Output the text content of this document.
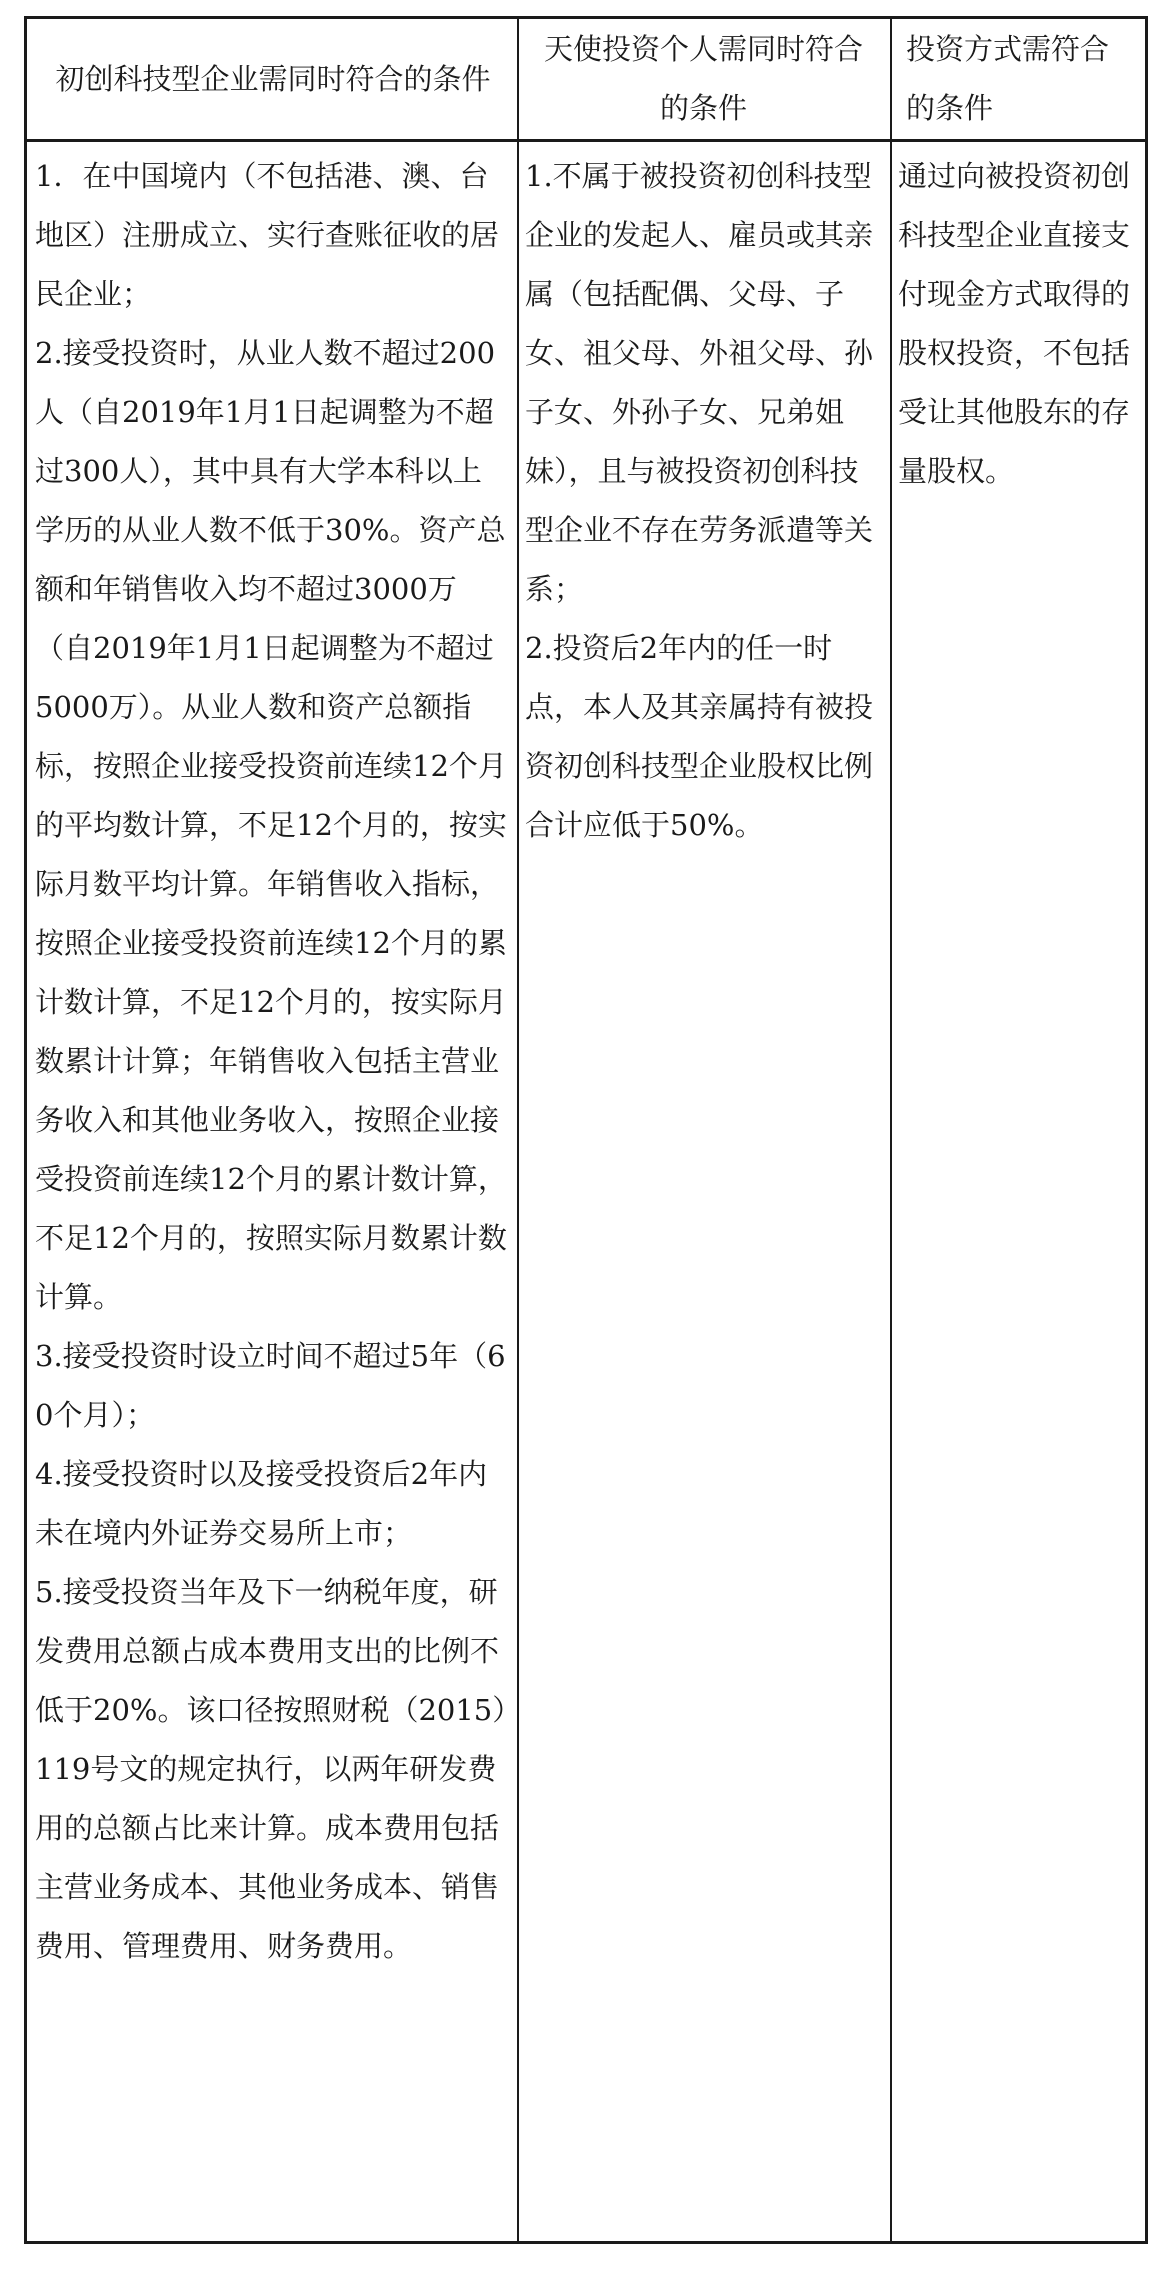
初创科技型企业需同时符合的条件
天使投资个人需同时符合的条件
投资方式需符合的条件

1．在中国境内（不包括港、澳、台地区）注册成立、实行查账征收的居民企业；

2.接受投资时，从业人数不超过200人（自2019年1月1日起调整为不超过300人），其中具有大学本科以上学历的从业人数不低于30%。资产总额和年销售收入均不超过3000万（自2019年1月1日起调整为不超过5000万）。从业人数和资产总额指标，按照企业接受投资前连续12个月的平均数计算，不足12个月的，按实际月数平均计算。年销售收入指标，按照企业接受投资前连续12个月的累计数计算，不足12个月的，按实际月数累计计算；年销售收入包括主营业务收入和其他业务收入，按照企业接受投资前连续12个月的累计数计算，不足12个月的，按照实际月数累计数计算。

3.接受投资时设立时间不超过5年（60个月）；

4.接受投资时以及接受投资后2年内未在境内外证券交易所上市；

5.接受投资当年及下一纳税年度，研发费用总额占成本费用支出的比例不低于20%。该口径按照财税（2015）119号文的规定执行，以两年研发费用的总额占比来计算。成本费用包括主营业务成本、其他业务成本、销售费用、管理费用、财务费用。

1.不属于被投资初创科技型企业的发起人、雇员或其亲属（包括配偶、父母、子女、祖父母、外祖父母、孙子女、外孙子女、兄弟姐妹），且与被投资初创科技型企业不存在劳务派遣等关系；

2.投资后2年内的任一时点，本人及其亲属持有被投资初创科技型企业股权比例合计应低于50%。

通过向被投资初创科技型企业直接支付现金方式取得的股权投资，不包括受让其他股东的存量股权。
